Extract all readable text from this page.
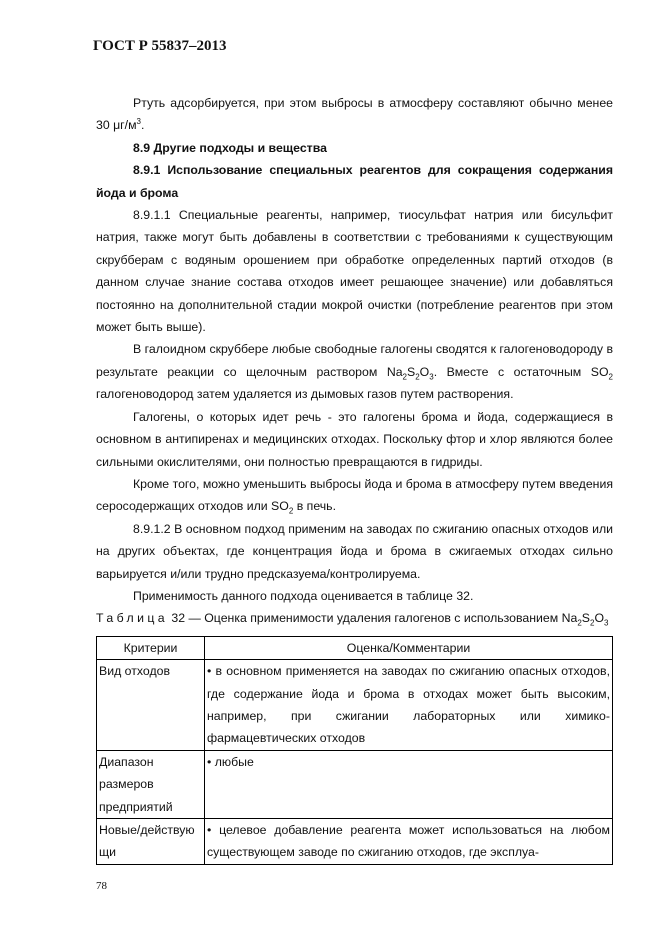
ГОСТ Р 55837–2013

Ртуть адсорбируется, при этом выбросы в атмосферу составляют обычно менее 30 $\mu г/м^3$.

8.9 Другие подходы и вещества

8.9.1 Использование специальных реагентов для сокращения содержания йода и брома

8.9.1.1 Специальные реагенты, например, тиосульфат натрия или бисульфит натрия, также могут быть добавлены в соответствии с требованиями к существующим скрубберам с водяным орошением при обработке определенных партий отходов (в данном случае знание состава отходов имеет решающее значение) или добавляться постоянно на дополнительной стадии мокрой очистки (потребление реагентов при этом может быть выше).

В галоидном скруббере любые свободные галогены сводятся к галогеноводороду в результате реакции со щелочным раствором $Na_2S_2O_3$. Вместе с остаточным $SO_2$ галогеноводород затем удаляется из дымовых газов путем растворения.

Галогены, о которых идет речь - это галогены брома и йода, содержащиеся в основном в антипиренах и медицинских отходах. Поскольку фтор и хлор являются более сильными окислителями, они полностью превращаются в гидриды.

Кроме того, можно уменьшить выбросы йода и брома в атмосферу путем введения серосодержащих отходов или $SO_2$ в печь.

8.9.1.2 В основном подход применим на заводах по сжиганию опасных отходов или на других объектах, где концентрация йода и брома в сжигаемых отходах сильно варьируется и/или трудно предсказуема/контролируема.

Применимость данного подхода оценивается в таблице 32.

Таблица 32 — Оценка применимости удаления галогенов с использованием $Na_2S_2O_3$

Критерии	Оценка/Комментарии
Вид отходов	• в основном применяется на заводах по сжиганию опасных отходов, где содержание йода и брома в отходах может быть высоким, например, при сжигании лабораторных или химико-фармацевтических отходов
Диапазон размеров предприятий	• любые
Новые/действующи	• целевое добавление реагента может использоваться на любом существующем заводе по сжиганию отходов, где эксплуа-
78
